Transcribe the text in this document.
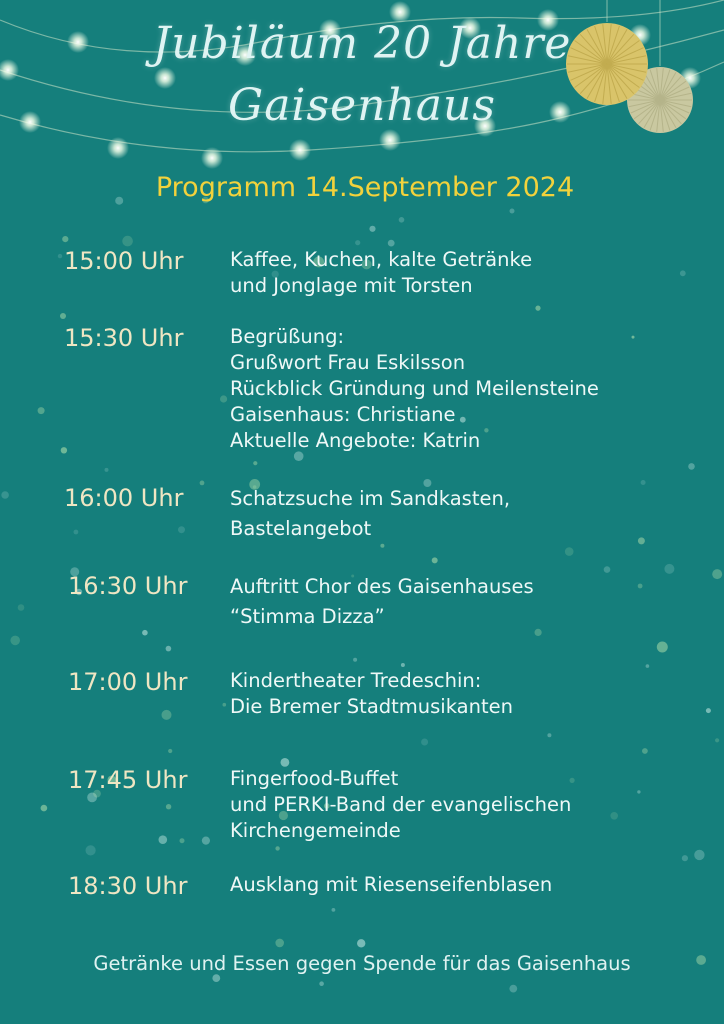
Jubiläum 20 Jahre
Gaisenhaus
Programm 14.September 2024
15:00 Uhr	Kaffee, Kuchen, kalte Getränke
und Jonglage mit Torsten
15:30 Uhr	Begrüßung:
Grußwort Frau Eskilsson
Rückblick Gründung und Meilensteine
Gaisenhaus: Christiane
Aktuelle Angebote: Katrin
16:00 Uhr	Schatzsuche im Sandkasten,
Bastelangebot
16:30 Uhr	Auftritt Chor des Gaisenhauses
“Stimma Dizza”
17:00 Uhr	Kindertheater Tredeschin:
Die Bremer Stadtmusikanten
17:45 Uhr	Fingerfood-Buffet
und PERKI-Band der evangelischen
Kirchengemeinde
18:30 Uhr	Ausklang mit Riesenseifenblasen
Getränke und Essen gegen Spende für das Gaisenhaus
